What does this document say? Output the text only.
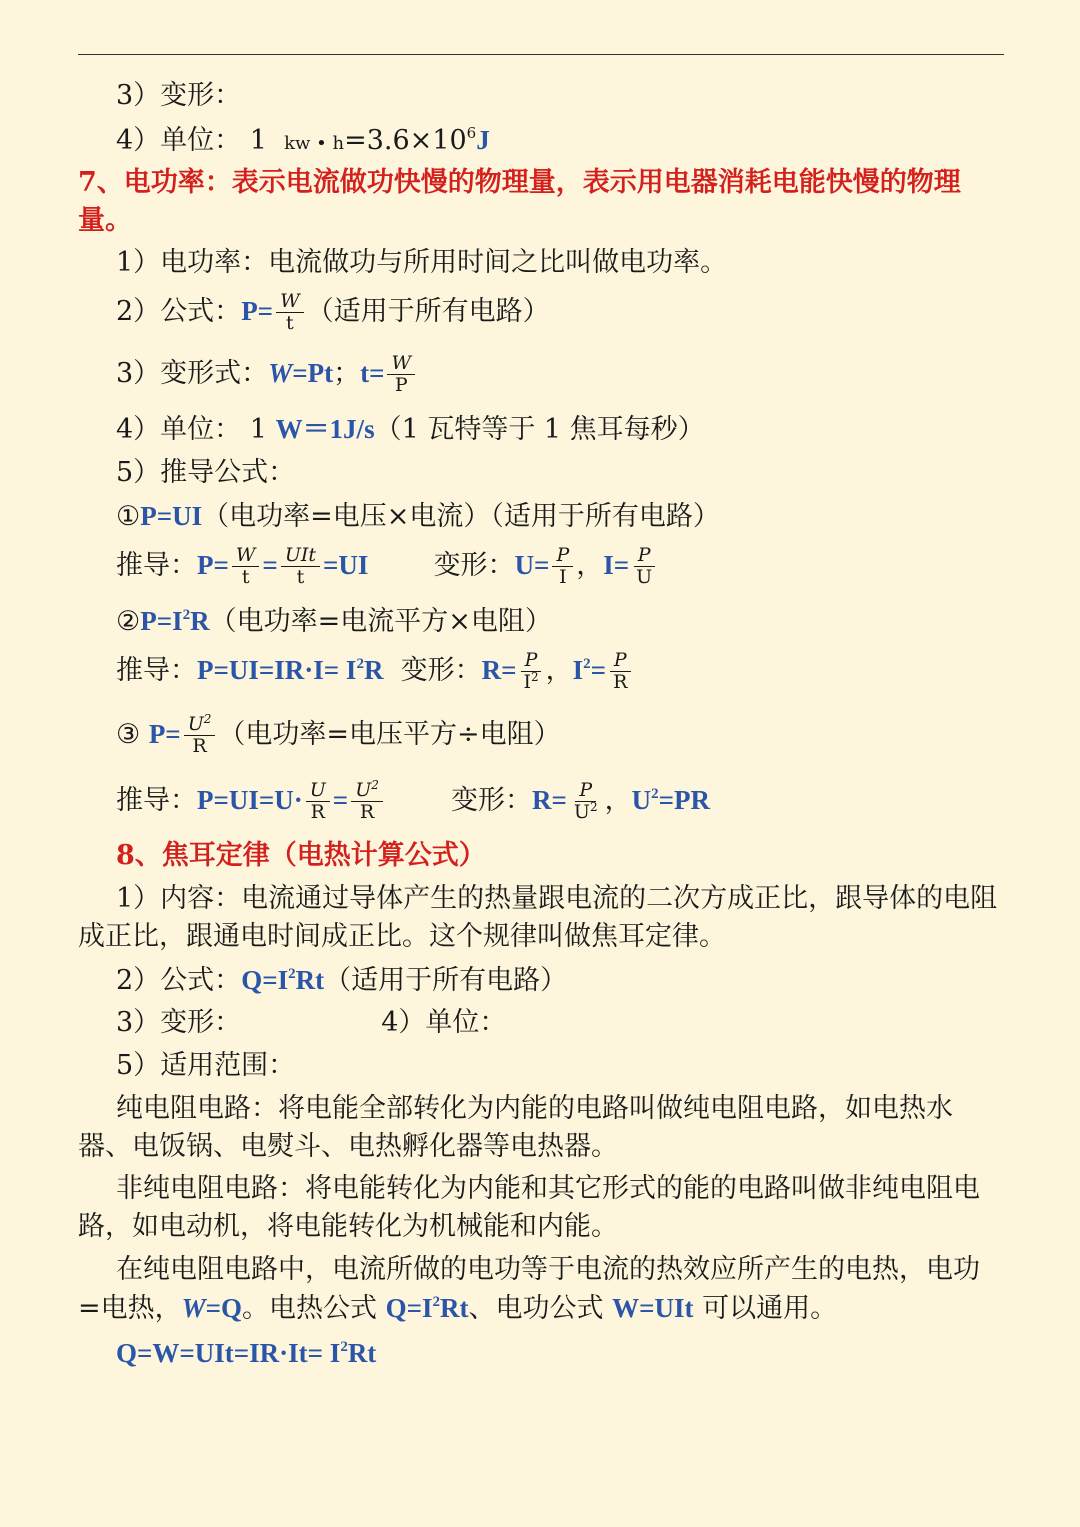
3）变形：
4）单位： 1 kw • $h=3.6\times 10^6J$
7、电功率：表示电流做功快慢的物理量，表示用电器消耗电能快慢的物理量。
1）电功率：电流做功与所用时间之比叫做电功率。
2）公式：$P= \frac{W}{t}$ （适用于所有电路）
3）变形式：W=Pt；$t= \frac{W}{P}$
4）单位： 1 W＝1J/s（1 瓦特等于 1 焦耳每秒）
5）推导公式：
①P=UI（电功率=电压×电流）（适用于所有电路）
推导：$P= \frac{W}{t} = \frac{\text{UIt}}{t} =UI$ 变形：$U= \frac{P}{I}$ ，$I= \frac{P}{U}$
$②P=I^2R$（电功率=电流平方×电阻）
推导：$P=UI=IR\cdot I= I^2R$ 变形：$R= \frac{P}{I^2}$ ，$I^2= \frac{P}{R}$
③ $P= \frac{U^2}{R}$ （电功率=电压平方÷电阻）
推导：$P=UI=U\cdot \frac{U}{R} = \frac{U^2}{R}$	变形：$R= \frac{P}{U^2}$ ，$U^2=PR$
8、焦耳定律（电热计算公式）
1）内容：电流通过导体产生的热量跟电流的二次方成正比，跟导体的电阻成正比，跟通电时间成正比。这个规律叫做焦耳定律。
2）公式：$Q=I^2Rt$（适用于所有电路）
3）变形：	4）单位：
5）适用范围：
纯电阻电路：将电能全部转化为内能的电路叫做纯电阻电路，如电热水器、电饭锅、电熨斗、电热孵化器等电热器。
非纯电阻电路：将电能转化为内能和其它形式的能的电路叫做非纯电阻电路，如电动机，将电能转化为机械能和内能。
在纯电阻电路中，电流所做的电功等于电流的热效应所产生的电热，电功=电热，W=Q。电热公式 $Q=I^2Rt$、电功公式 W=UIt 可以通用。
$Q=W=UIt=IR\cdot It= I^2Rt$
